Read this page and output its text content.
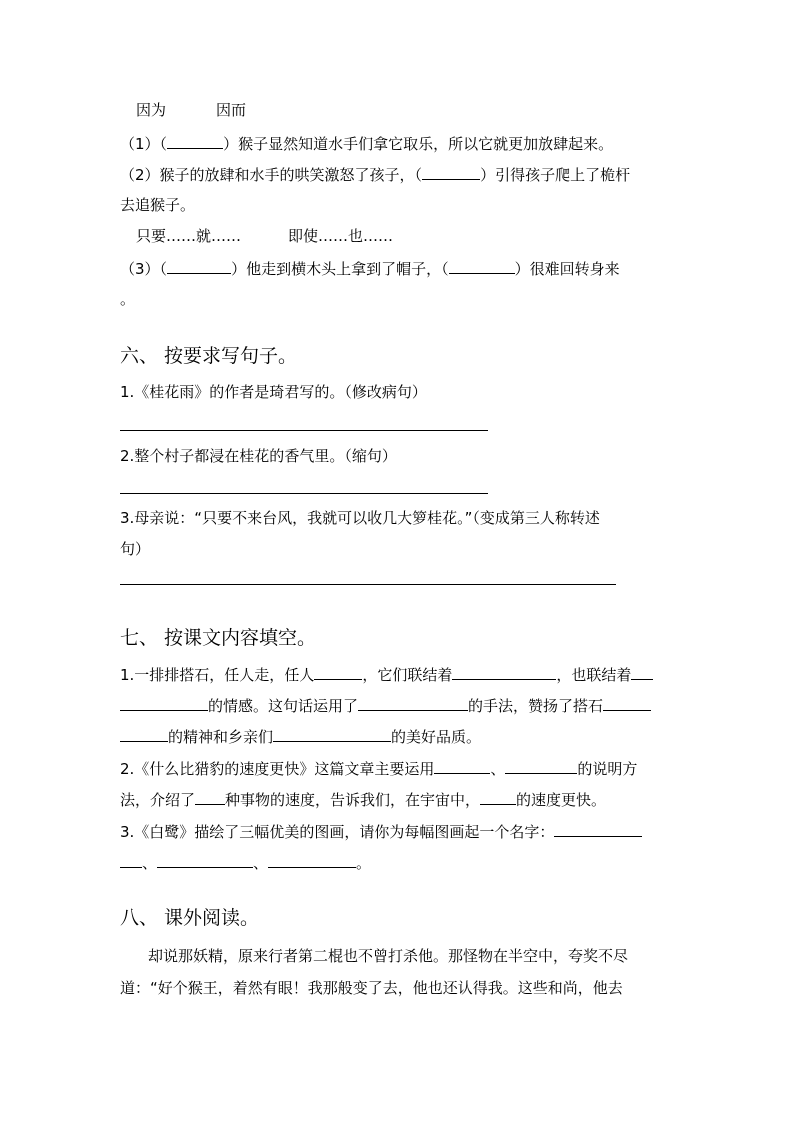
因为	因而
（1）（	）猴子显然知道水手们拿它取乐，所以它就更加放肆起来。
（2）猴子的放肆和水手的哄笑激怒了孩子，（	）引得孩子爬上了桅杆
去追猴子。
只要……就……	即使……也……
（3）（	）他走到横木头上拿到了帽子，（	）很难回转身来
。
六、 按要求写句子。
1.《桂花雨》的作者是琦君写的。（修改病句）
2.整个村子都浸在桂花的香气里。（缩句）
3.母亲说：“只要不来台风，我就可以收几大箩桂花。”（变成第三人称转述
句）
七、 按课文内容填空。
1.一排排搭石，任人走，任人	，它们联结着	，也联结着
的情感。这句话运用了	的手法，赞扬了搭石
的精神和乡亲们	的美好品质。
2.《什么比猎豹的速度更快》这篇文章主要运用	、	的说明方
法，介绍了 种事物的速度，告诉我们，在宇宙中， 的速度更快。
3.《白鹭》描绘了三幅优美的图画，请你为每幅图画起一个名字：
、	、	。
八、 课外阅读。
却说那妖精，原来行者第二棍也不曾打杀他。那怪物在半空中，夸奖不尽
道：“好个猴王，着然有眼！我那般变了去，他也还认得我。这些和尚，他去
